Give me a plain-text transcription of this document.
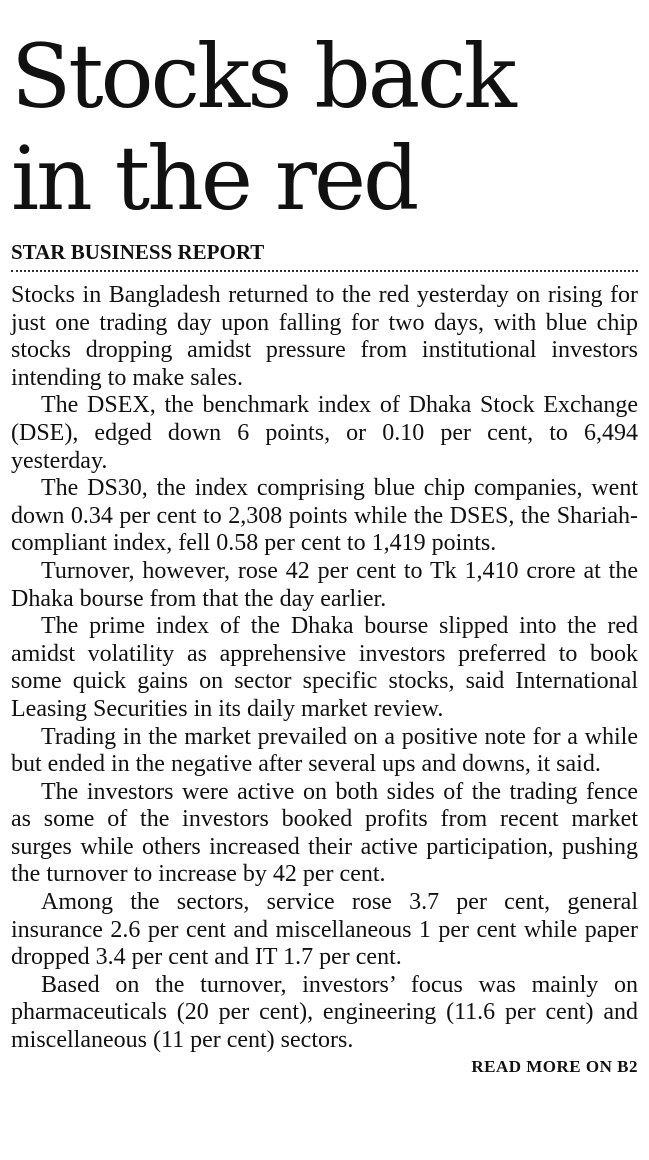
Stocks back
in the red
STAR BUSINESS REPORT

Stocks in Bangladesh returned to the red yesterday on rising for just one trading day upon falling for two days, with blue chip stocks dropping amidst pressure from institutional investors intending to make sales.

The DSEX, the benchmark index of Dhaka Stock Exchange (DSE), edged down 6 points, or 0.10 per cent, to 6,494 yesterday.

The DS30, the index comprising blue chip companies, went down 0.34 per cent to 2,308 points while the DSES, the Shariah-compliant index, fell 0.58 per cent to 1,419 points.

Turnover, however, rose 42 per cent to Tk 1,410 crore at the Dhaka bourse from that the day earlier.

The prime index of the Dhaka bourse slipped into the red amidst volatility as apprehensive investors preferred to book some quick gains on sector specific stocks, said International Leasing Securities in its daily market review.

Trading in the market prevailed on a positive note for a while but ended in the negative after several ups and downs, it said.

The investors were active on both sides of the trading fence as some of the investors booked profits from recent market surges while others increased their active participation, pushing the turnover to increase by 42 per cent.

Among the sectors, service rose 3.7 per cent, general insurance 2.6 per cent and miscellaneous 1 per cent while paper dropped 3.4 per cent and IT 1.7 per cent.

Based on the turnover, investors’ focus was mainly on pharmaceuticals (20 per cent), engineering (11.6 per cent) and miscellaneous (11 per cent) sectors.

READ MORE ON B2
